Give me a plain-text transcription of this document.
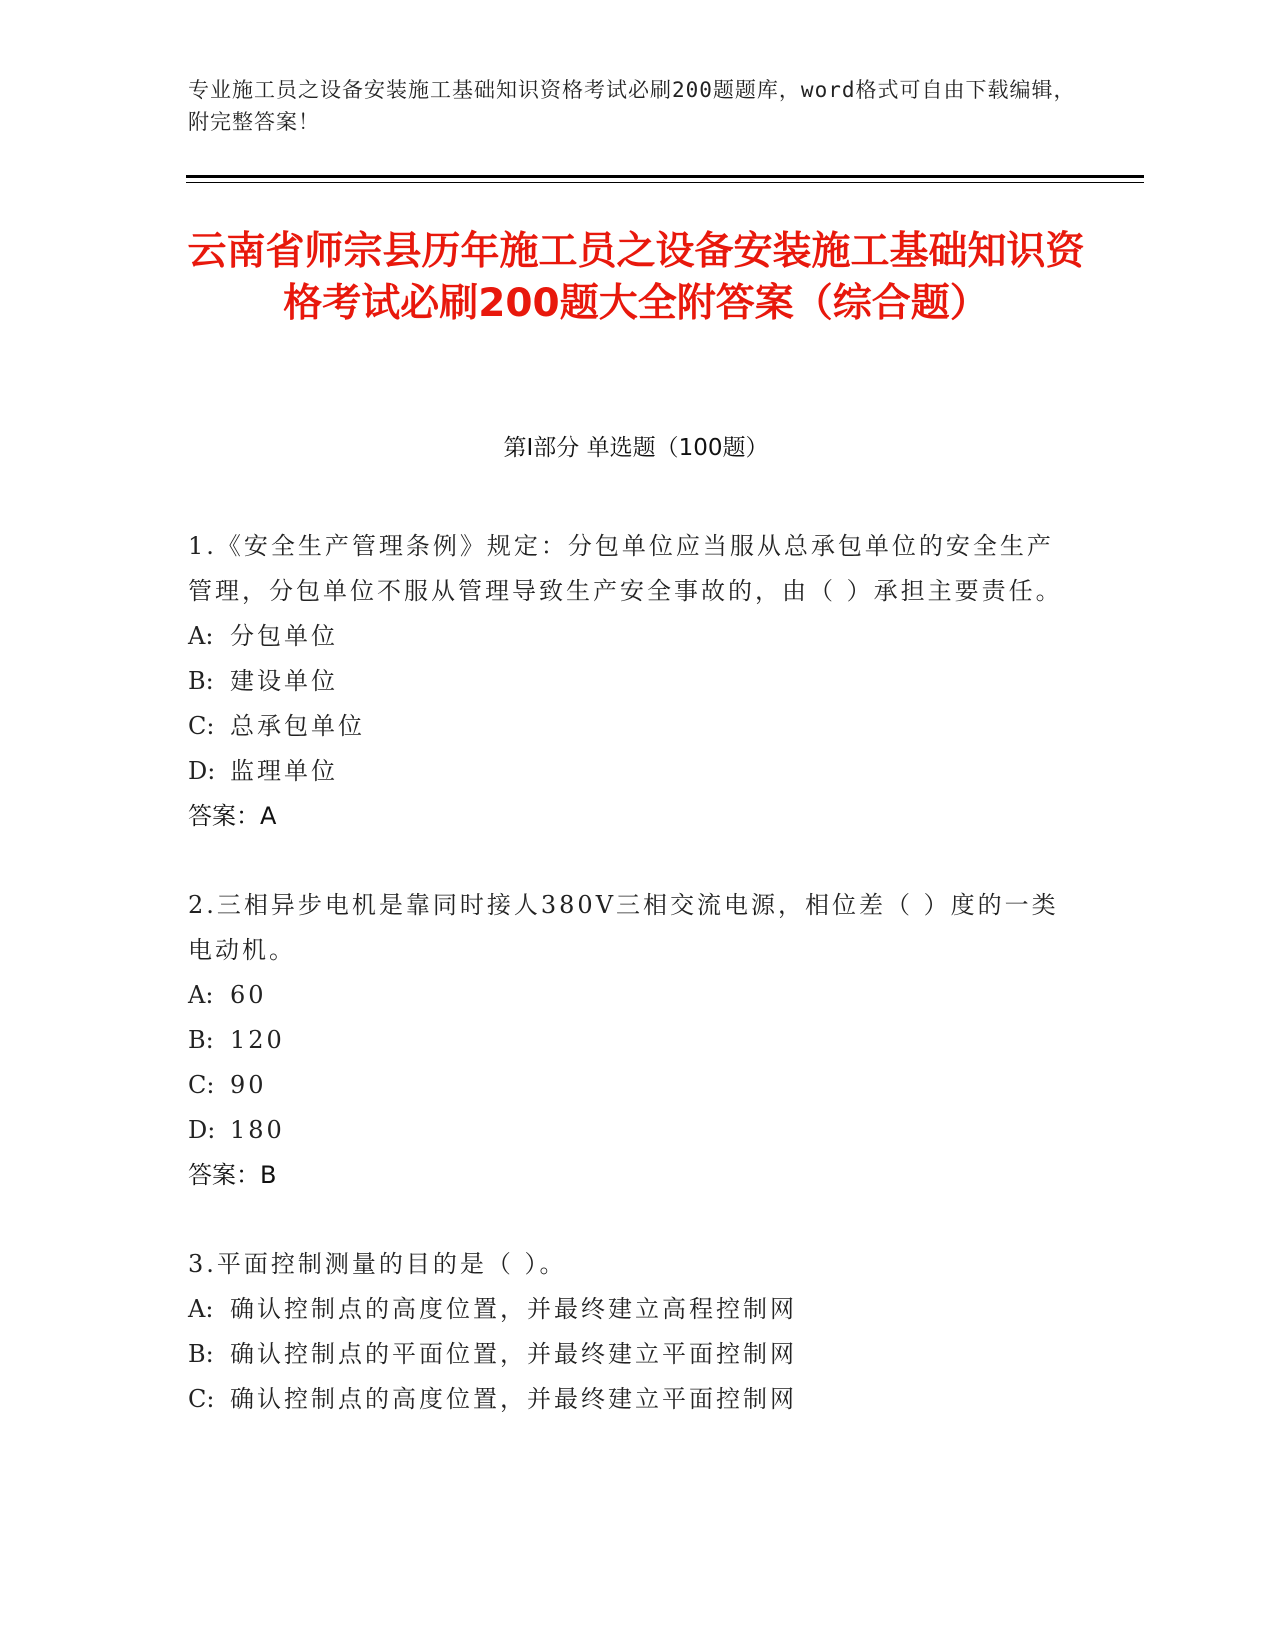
专业施工员之设备安装施工基础知识资格考试必刷200题题库，word格式可自由下载编辑，附完整答案！
云南省师宗县历年施工员之设备安装施工基础知识资格考试必刷200题大全附答案（综合题）
第Ⅰ部分 单选题（100题）

1.《安全生产管理条例》规定：分包单位应当服从总承包单位的安全生产管理，分包单位不服从管理导致生产安全事故的，由（ ）承担主要责任。

A: 分包单位

B: 建设单位

C: 总承包单位

D: 监理单位

答案：A

2.三相异步电机是靠同时接人380V三相交流电源，相位差（ ）度的一类电动机。

A: 60

B: 120

C: 90

D: 180

答案：B

3.平面控制测量的目的是（ ）。

A: 确认控制点的高度位置，并最终建立高程控制网

B: 确认控制点的平面位置，并最终建立平面控制网

C: 确认控制点的高度位置，并最终建立平面控制网
